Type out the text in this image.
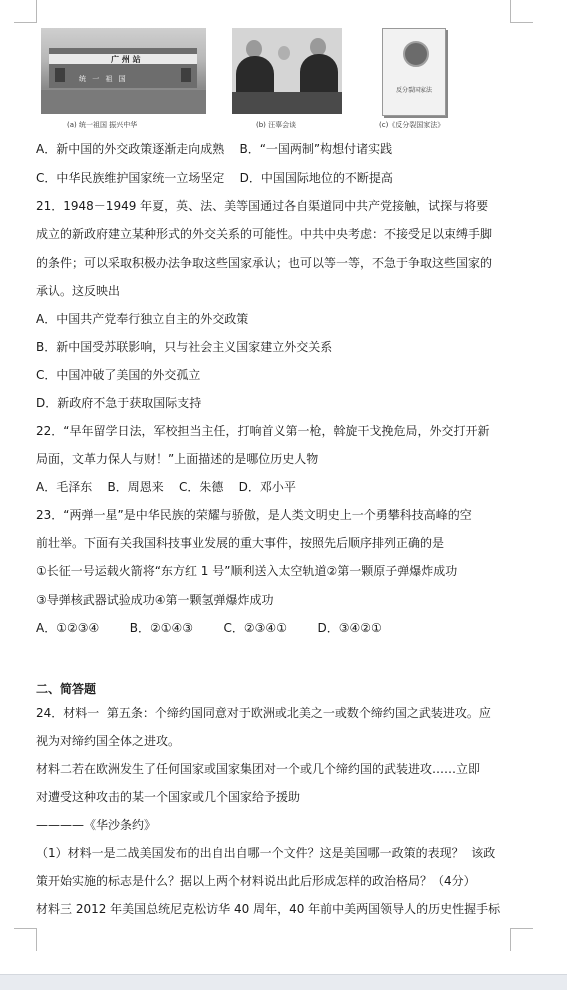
广 州 站
统 一 祖 国
(a) 统一祖国 振兴中华	(b) 汪辜会谈
反分裂国家法
(c)《反分裂国家法》
A．新中国的外交政策逐渐走向成熟    B．“一国两制”构想付诸实践
C．中华民族维护国家统一立场坚定    D．中国国际地位的不断提高
21．1948－1949 年夏，英、法、美等国通过各自渠道同中共产党接触，试探与将要
成立的新政府建立某种形式的外交关系的可能性。中共中央考虑：不接受足以束缚手脚
的条件；可以采取积极办法争取这些国家承认；也可以等一等，不急于争取这些国家的
承认。这反映出
A．中国共产党奉行独立自主的外交政策
B．新中国受苏联影响，只与社会主义国家建立外交关系
C．中国冲破了美国的外交孤立
D．新政府不急于获取国际支持
22．“早年留学日法，军校担当主任，打响首义第一枪，斡旋干戈挽危局，外交打开新
局面，文革力保人与财！”上面描述的是哪位历史人物
A．毛泽东    B．周恩来    C．朱德    D．邓小平
23．“两弹一星”是中华民族的荣耀与骄傲，是人类文明史上一个勇攀科技高峰的空
前壮举。下面有关我国科技事业发展的重大事件，按照先后顺序排列正确的是
①长征一号运载火箭将“东方红 1 号”顺利送入太空轨道②第一颗原子弹爆炸成功
③导弹核武器试验成功④第一颗氢弹爆炸成功
A．①②③④        B．②①④③        C．②③④①        D．③④②①
二、简答题
24．材料一  第五条：个缔约国同意对于欧洲或北美之一或数个缔约国之武装进攻。应
视为对缔约国全体之进攻。
材料二若在欧洲发生了任何国家或国家集团对一个或几个缔约国的武装进攻……立即
对遭受这种攻击的某一个国家或几个国家给予援助
————《华沙条约》
（1）材料一是二战美国发布的出自出自哪一个文件？这是美国哪一政策的表现？  该政
策开始实施的标志是什么？据以上两个材料说出此后形成怎样的政治格局？（4分）
材料三 2012 年美国总统尼克松访华 40 周年，40 年前中美两国领导人的历史性握手标
